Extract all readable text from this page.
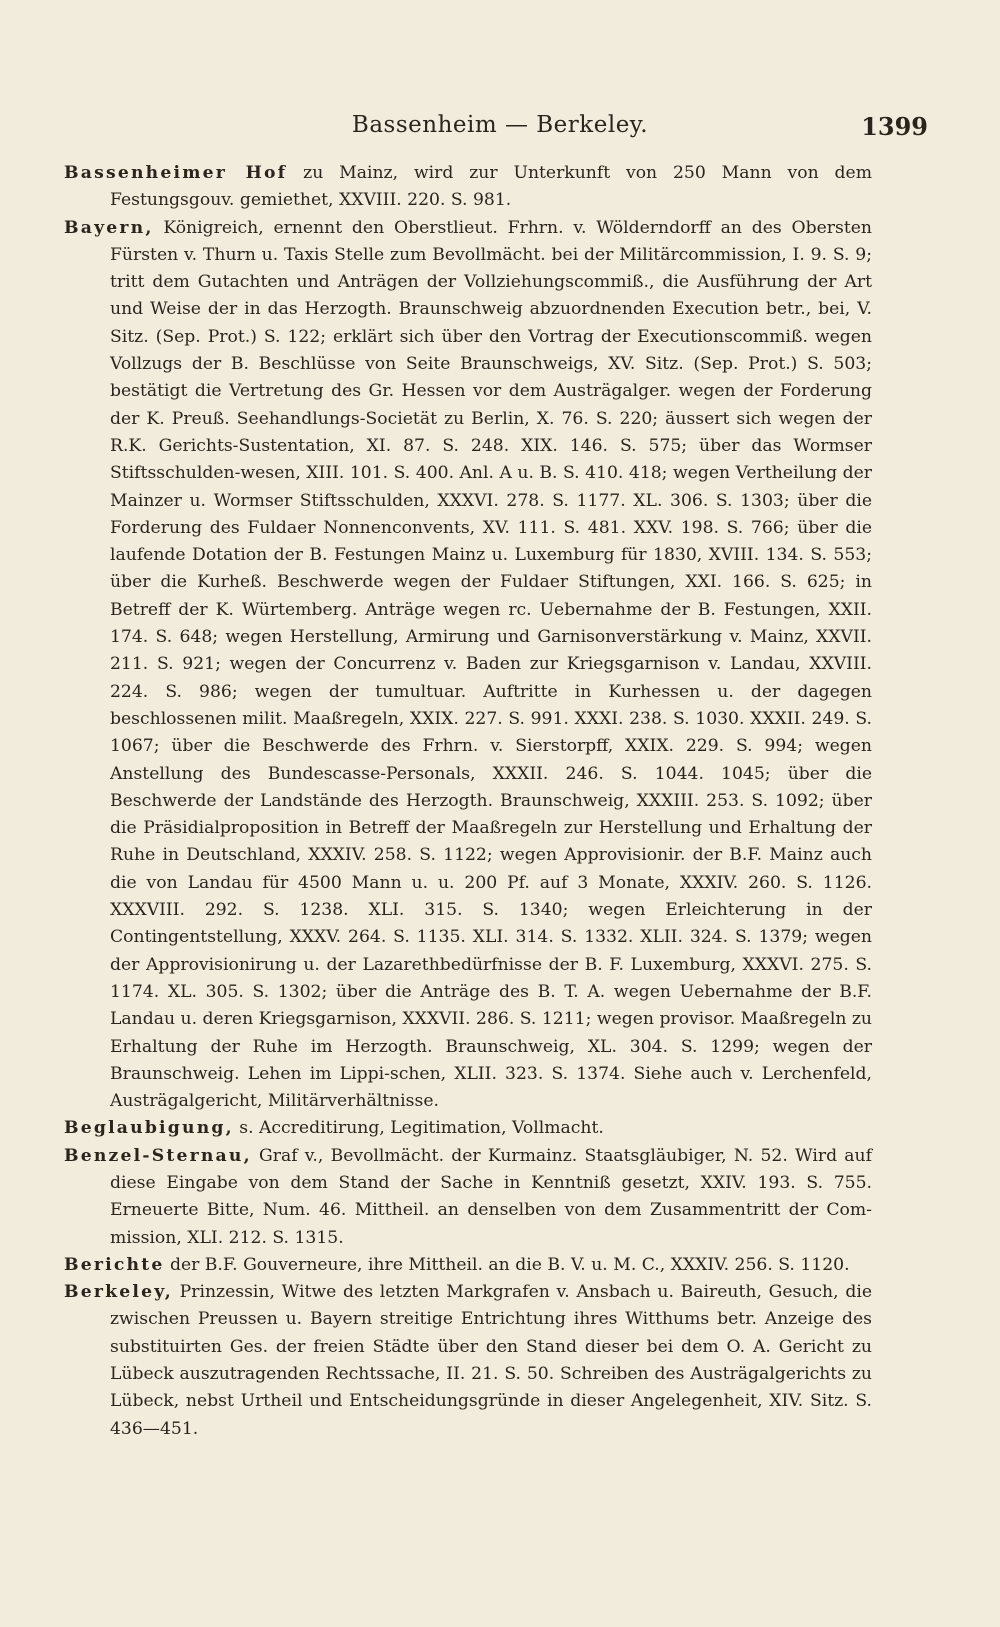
Bassenheim — Berkeley.	1399

Bassenheimer Hof zu Mainz, wird zur Unterkunft von 250 Mann von dem Festungsgouv. gemiethet, XXVIII. 220. S. 981.

Bayern, Königreich, ernennt den Oberstlieut. Frhrn. v. Wölderndorff an des Obersten Fürsten v. Thurn u. Taxis Stelle zum Bevollmächt. bei der Militärcommission, I. 9. S. 9; tritt dem Gutachten und Anträgen der Vollziehungscommiß., die Ausführung der Art und Weise der in das Herzogth. Braunschweig abzuordnenden Execution betr., bei, V. Sitz. (Sep. Prot.) S. 122; erklärt sich über den Vortrag der Executionscommiß. wegen Vollzugs der B. Beschlüsse von Seite Braunschweigs, XV. Sitz. (Sep. Prot.) S. 503; bestätigt die Vertretung des Gr. Hessen vor dem Austrägalger. wegen der Forderung der K. Preuß. Seehandlungs-Societät zu Berlin, X. 76. S. 220; äussert sich wegen der R.K. Gerichts-Sustentation, XI. 87. S. 248. XIX. 146. S. 575; über das Wormser Stiftsschulden-wesen, XIII. 101. S. 400. Anl. A u. B. S. 410. 418; wegen Vertheilung der Mainzer u. Wormser Stiftsschulden, XXXVI. 278. S. 1177. XL. 306. S. 1303; über die Forderung des Fuldaer Nonnenconvents, XV. 111. S. 481. XXV. 198. S. 766; über die laufende Dotation der B. Festungen Mainz u. Luxemburg für 1830, XVIII. 134. S. 553; über die Kurheß. Beschwerde wegen der Fuldaer Stiftungen, XXI. 166. S. 625; in Betreff der K. Würtemberg. Anträge wegen rc. Uebernahme der B. Festungen, XXII. 174. S. 648; wegen Herstellung, Armirung und Garnisonverstärkung v. Mainz, XXVII. 211. S. 921; wegen der Concurrenz v. Baden zur Kriegsgarnison v. Landau, XXVIII. 224. S. 986; wegen der tumultuar. Auftritte in Kurhessen u. der dagegen beschlossenen milit. Maaßregeln, XXIX. 227. S. 991. XXXI. 238. S. 1030. XXXII. 249. S. 1067; über die Beschwerde des Frhrn. v. Sierstorpff, XXIX. 229. S. 994; wegen Anstellung des Bundescasse-Personals, XXXII. 246. S. 1044. 1045; über die Beschwerde der Landstände des Herzogth. Braunschweig, XXXIII. 253. S. 1092; über die Präsidialproposition in Betreff der Maaßregeln zur Herstellung und Erhaltung der Ruhe in Deutschland, XXXIV. 258. S. 1122; wegen Approvisionir. der B.F. Mainz auch die von Landau für 4500 Mann u. u. 200 Pf. auf 3 Monate, XXXIV. 260. S. 1126. XXXVIII. 292. S. 1238. XLI. 315. S. 1340; wegen Erleichterung in der Contingentstellung, XXXV. 264. S. 1135. XLI. 314. S. 1332. XLII. 324. S. 1379; wegen der Approvisionirung u. der Lazarethbedürfnisse der B. F. Luxemburg, XXXVI. 275. S. 1174. XL. 305. S. 1302; über die Anträge des B. T. A. wegen Uebernahme der B.F. Landau u. deren Kriegsgarnison, XXXVII. 286. S. 1211; wegen provisor. Maaßregeln zu Erhaltung der Ruhe im Herzogth. Braunschweig, XL. 304. S. 1299; wegen der Braunschweig. Lehen im Lippi-schen, XLII. 323. S. 1374. Siehe auch v. Lerchenfeld, Austrägalgericht, Militärverhältnisse.

Beglaubigung, s. Accreditirung, Legitimation, Vollmacht.

Benzel-Sternau, Graf v., Bevollmächt. der Kurmainz. Staatsgläubiger, N. 52. Wird auf diese Eingabe von dem Stand der Sache in Kenntniß gesetzt, XXIV. 193. S. 755. Erneuerte Bitte, Num. 46. Mittheil. an denselben von dem Zusammentritt der Com-mission, XLI. 212. S. 1315.

Berichte der B.F. Gouverneure, ihre Mittheil. an die B. V. u. M. C., XXXIV. 256. S. 1120.

Berkeley, Prinzessin, Witwe des letzten Markgrafen v. Ansbach u. Baireuth, Gesuch, die zwischen Preussen u. Bayern streitige Entrichtung ihres Witthums betr. Anzeige des substituirten Ges. der freien Städte über den Stand dieser bei dem O. A. Gericht zu Lübeck auszutragenden Rechtssache, II. 21. S. 50. Schreiben des Austrägalgerichts zu Lübeck, nebst Urtheil und Entscheidungsgründe in dieser Angelegenheit, XIV. Sitz. S. 436—451.
